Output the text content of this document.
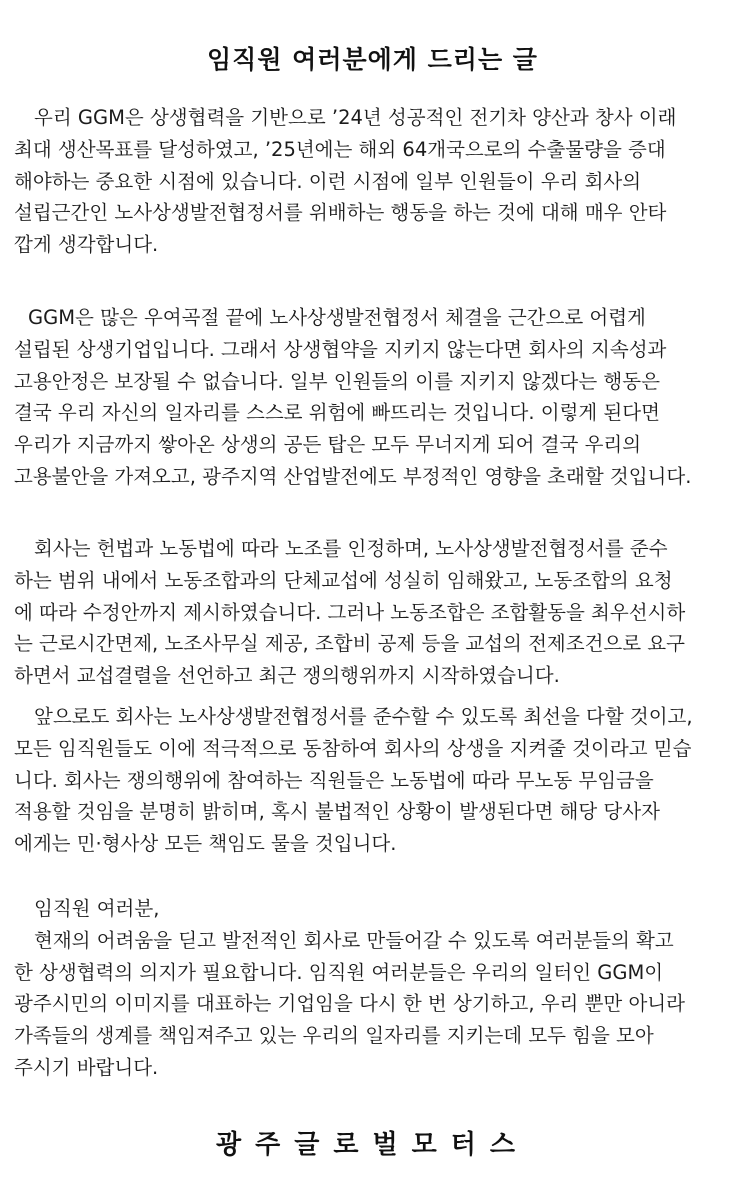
임직원 여러분에게 드리는 글
우리 GGM은 상생협력을 기반으로 ’24년 성공적인 전기차 양산과 창사 이래
최대 생산목표를 달성하였고, ’25년에는 해외 64개국으로의 수출물량을 증대
해야하는 중요한 시점에 있습니다. 이런 시점에 일부 인원들이 우리 회사의
설립근간인 노사상생발전협정서를 위배하는 행동을 하는 것에 대해 매우 안타
깝게 생각합니다.
GGM은 많은 우여곡절 끝에 노사상생발전협정서 체결을 근간으로 어렵게
설립된 상생기업입니다. 그래서 상생협약을 지키지 않는다면 회사의 지속성과
고용안정은 보장될 수 없습니다. 일부 인원들의 이를 지키지 않겠다는 행동은
결국 우리 자신의 일자리를 스스로 위험에 빠뜨리는 것입니다. 이렇게 된다면
우리가 지금까지 쌓아온 상생의 공든 탑은 모두 무너지게 되어 결국 우리의
고용불안을 가져오고, 광주지역 산업발전에도 부정적인 영향을 초래할 것입니다.
회사는 헌법과 노동법에 따라 노조를 인정하며, 노사상생발전협정서를 준수
하는 범위 내에서 노동조합과의 단체교섭에 성실히 임해왔고, 노동조합의 요청
에 따라 수정안까지 제시하였습니다. 그러나 노동조합은 조합활동을 최우선시하
는 근로시간면제, 노조사무실 제공, 조합비 공제 등을 교섭의 전제조건으로 요구
하면서 교섭결렬을 선언하고 최근 쟁의행위까지 시작하였습니다.
앞으로도 회사는 노사상생발전협정서를 준수할 수 있도록 최선을 다할 것이고,
모든 임직원들도 이에 적극적으로 동참하여 회사의 상생을 지켜줄 것이라고 믿습
니다. 회사는 쟁의행위에 참여하는 직원들은 노동법에 따라 무노동 무임금을
적용할 것임을 분명히 밝히며, 혹시 불법적인 상황이 발생된다면 해당 당사자
에게는 민·형사상 모든 책임도 물을 것입니다.
임직원 여러분,
현재의 어려움을 딛고 발전적인 회사로 만들어갈 수 있도록 여러분들의 확고
한 상생협력의 의지가 필요합니다. 임직원 여러분들은 우리의 일터인 GGM이
광주시민의 이미지를 대표하는 기업임을 다시 한 번 상기하고, 우리 뿐만 아니라
가족들의 생계를 책임져주고 있는 우리의 일자리를 지키는데 모두 힘을 모아
주시기 바랍니다.
광주글로벌모터스
